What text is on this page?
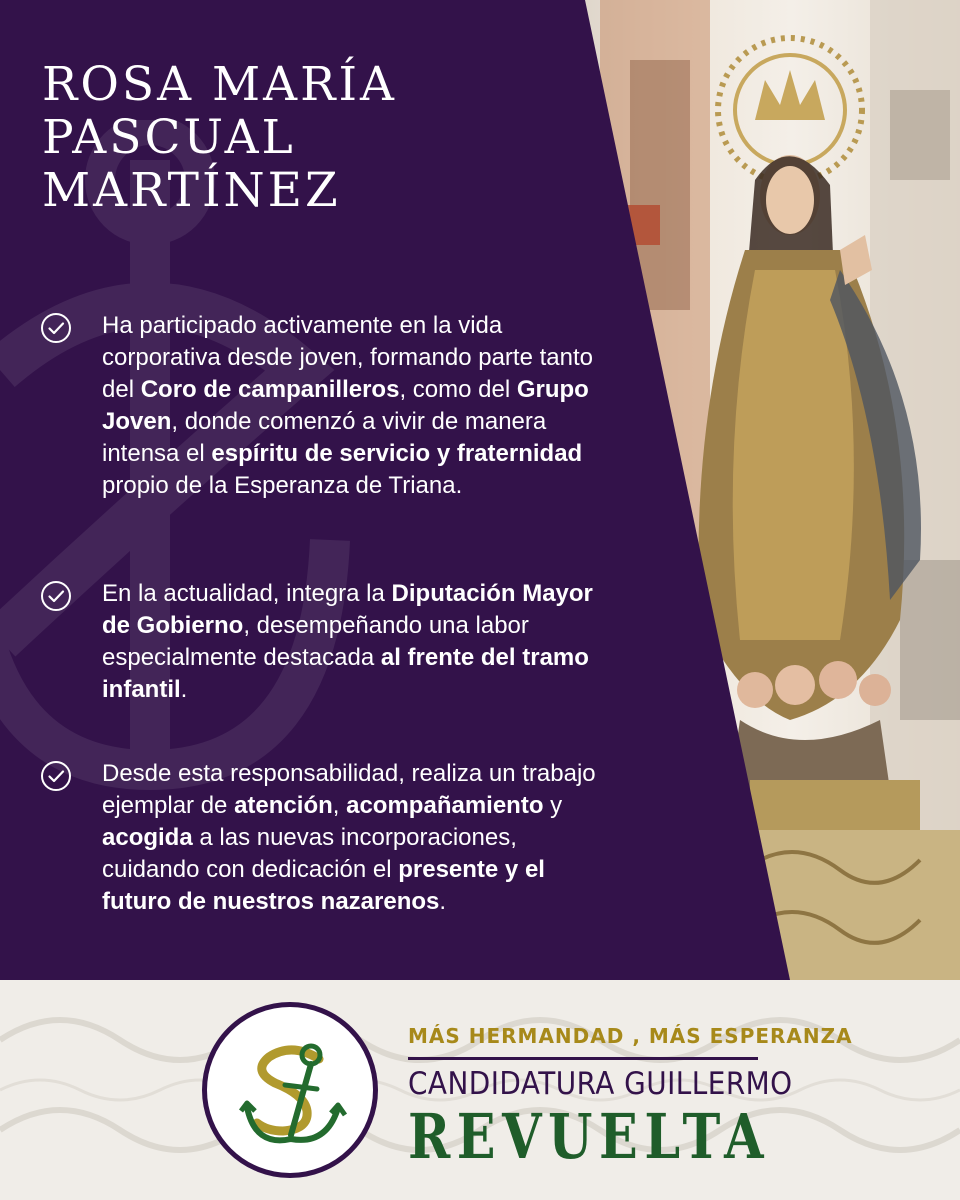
ROSA MARÍA
PASCUAL
MARTÍNEZ
Ha participado activamente en la vida corporativa desde joven, formando parte tanto del Coro de campanilleros, como del Grupo Joven, donde comenzó a vivir de manera intensa el espíritu de servicio y fraternidad propio de la Esperanza de Triana.
En la actualidad, integra la Diputación Mayor de Gobierno, desempeñando una labor especialmente destacada al frente del tramo infantil.
Desde esta responsabilidad, realiza un trabajo ejemplar de atención, acompañamiento y acogida a las nuevas incorporaciones, cuidando con dedicación el presente y el futuro de nuestros nazarenos.
MÁS HERMANDAD , MÁS ESPERANZA
CANDIDATURA GUILLERMO
REVUELTA
